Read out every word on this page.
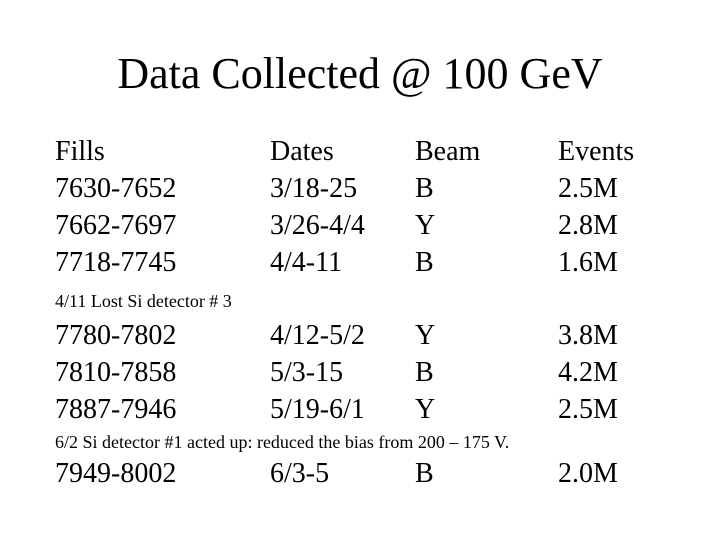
Data Collected @ 100 GeV
Fills	Dates	Beam	Events
7630-7652	3/18-25 B	2.5M
7662-7697	3/26-4/4 Y	2.8M
7718-7745	4/4-11	B	1.6M
4/11 Lost Si detector # 3
7780-7802	4/12-5/2 Y	3.8M
7810-7858	5/3-15	B	4.2M
7887-7946	5/19-6/1 Y	2.5M
6/2 Si detector #1 acted up: reduced the bias from 200 – 175 V.
7949-8002	6/3-5	B	2.0M
